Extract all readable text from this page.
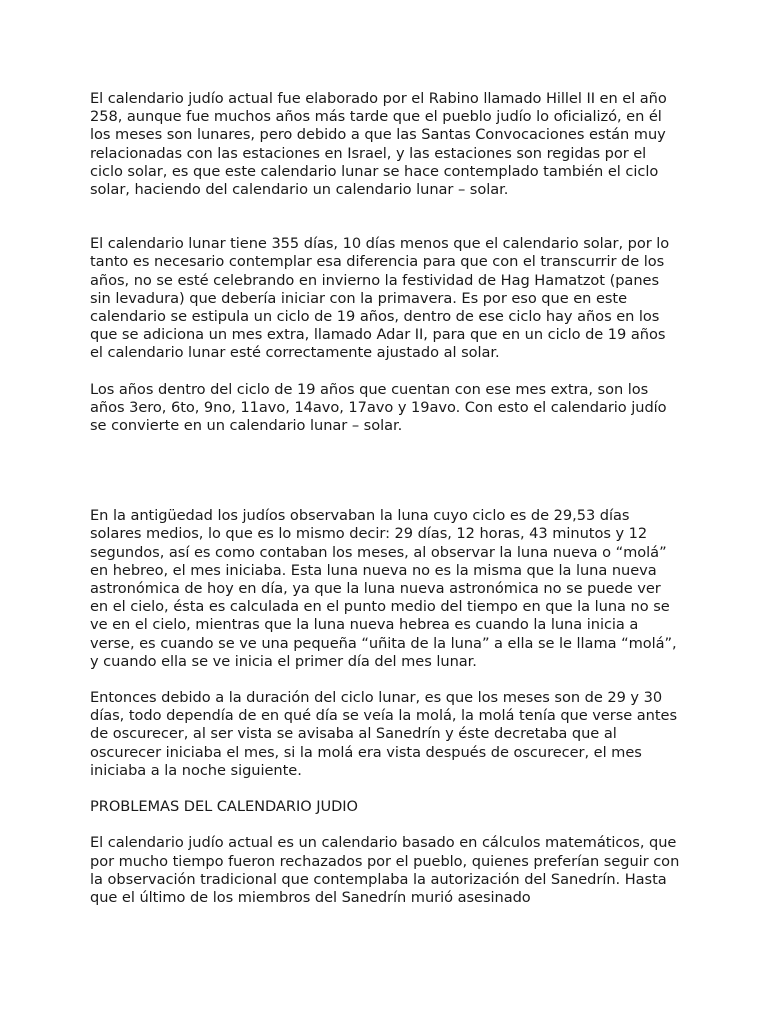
El calendario judío actual fue elaborado por el Rabino llamado Hillel II en el año 258, aunque fue muchos años más tarde que el pueblo judío lo oficializó, en él los meses son lunares, pero debido a que las Santas Convocaciones están muy relacionadas con las estaciones en Israel, y las estaciones son regidas por el ciclo solar, es que este calendario lunar se hace contemplado también el ciclo solar, haciendo del calendario un calendario lunar – solar.

El calendario lunar tiene 355 días, 10 días menos que el calendario solar, por lo tanto es necesario contemplar esa diferencia para que con el transcurrir de los años, no se esté celebrando en invierno la festividad de Hag Hamatzot (panes sin levadura) que debería iniciar con la primavera. Es por eso que en este calendario se estipula un ciclo de 19 años, dentro de ese ciclo hay años en los que se adiciona un mes extra, llamado Adar II, para que en un ciclo de 19 años el calendario lunar esté correctamente ajustado al solar.

Los años dentro del ciclo de 19 años que cuentan con ese mes extra, son los años 3ero, 6to, 9no, 11avo, 14avo, 17avo y 19avo. Con esto el calendario judío se convierte en un calendario lunar – solar.

En la antigüedad los judíos observaban la luna cuyo ciclo es de 29,53 días solares medios, lo que es lo mismo decir: 29 días, 12 horas, 43 minutos y 12 segundos, así es como contaban los meses, al observar la luna nueva o “molá” en hebreo, el mes iniciaba. Esta luna nueva no es la misma que la luna nueva astronómica de hoy en día, ya que la luna nueva astronómica no se puede ver en el cielo, ésta es calculada en el punto medio del tiempo en que la luna no se ve en el cielo, mientras que la luna nueva hebrea es cuando la luna inicia a verse, es cuando se ve una pequeña “uñita de la luna” a ella se le llama “molá”, y cuando ella se ve inicia el primer día del mes lunar.

Entonces debido a la duración del ciclo lunar, es que los meses son de 29 y 30 días, todo dependía de en qué día se veía la molá, la molá tenía que verse antes de oscurecer, al ser vista se avisaba al Sanedrín y éste decretaba que al oscurecer iniciaba el mes, si la molá era vista después de oscurecer, el mes iniciaba a la noche siguiente.

PROBLEMAS DEL CALENDARIO JUDIO

El calendario judío actual es un calendario basado en cálculos matemáticos, que por mucho tiempo fueron rechazados por el pueblo, quienes preferían seguir con la observación tradicional que contemplaba la autorización del Sanedrín. Hasta que el último de los miembros del Sanedrín murió asesinado
